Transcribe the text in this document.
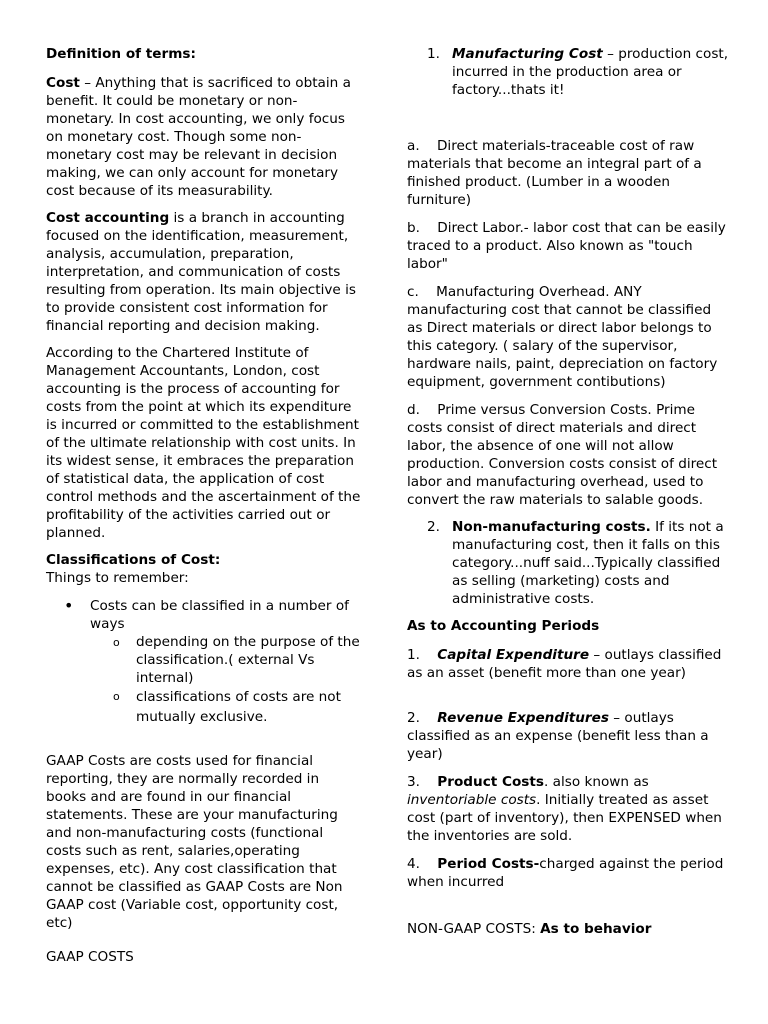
Definition of terms:

Cost – Anything that is sacrificed to obtain a benefit. It could be monetary or non-monetary. In cost accounting, we only focus on monetary cost. Though some non-monetary cost may be relevant in decision making, we can only account for monetary cost because of its measurability.

Cost accounting is a branch in accounting focused on the identification, measurement, analysis, accumulation, preparation, interpretation, and communication of costs resulting from operation. Its main objective is to provide consistent cost information for financial reporting and decision making.

According to the Chartered Institute of Management Accountants, London, cost accounting is the process of accounting for costs from the point at which its expenditure is incurred or committed to the establishment of the ultimate relationship with cost units. In its widest sense, it embraces the preparation of statistical data, the application of cost control methods and the ascertainment of the profitability of the activities carried out or planned.

Classifications of Cost:

Things to remember:

• Costs can be classified in a number of ways

o depending on the purpose of the classification.( external Vs internal)

o classifications of costs are not mutually exclusive.

GAAP Costs are costs used for financial reporting, they are normally recorded in books and are found in our financial statements. These are your manufacturing and non-manufacturing costs (functional costs such as rent, salaries,operating expenses, etc). Any cost classification that cannot be classified as GAAP Costs are Non GAAP cost (Variable cost, opportunity cost, etc)

GAAP COSTS

1. Manufacturing Cost – production cost, incurred in the production area or factory...thats it!

a. Direct materials-traceable cost of raw materials that become an integral part of a finished product. (Lumber in a wooden furniture)

b. Direct Labor.- labor cost that can be easily traced to a product. Also known as "touch labor"

c. Manufacturing Overhead. ANY manufacturing cost that cannot be classified as Direct materials or direct labor belongs to this category. ( salary of the supervisor, hardware nails, paint, depreciation on factory equipment, government contibutions)

d. Prime versus Conversion Costs. Prime costs consist of direct materials and direct labor, the absence of one will not allow production. Conversion costs consist of direct labor and manufacturing overhead, used to convert the raw materials to salable goods.

2. Non-manufacturing costs. If its not a manufacturing cost, then it falls on this category...nuff said...Typically classified as selling (marketing) costs and administrative costs.

As to Accounting Periods

1. Capital Expenditure – outlays classified as an asset (benefit more than one year)

2. Revenue Expenditures – outlays classified as an expense (benefit less than a year)

3. Product Costs. also known as inventoriable costs. Initially treated as asset cost (part of inventory), then EXPENSED when the inventories are sold.

4. Period Costs-charged against the period when incurred

NON-GAAP COSTS: As to behavior
